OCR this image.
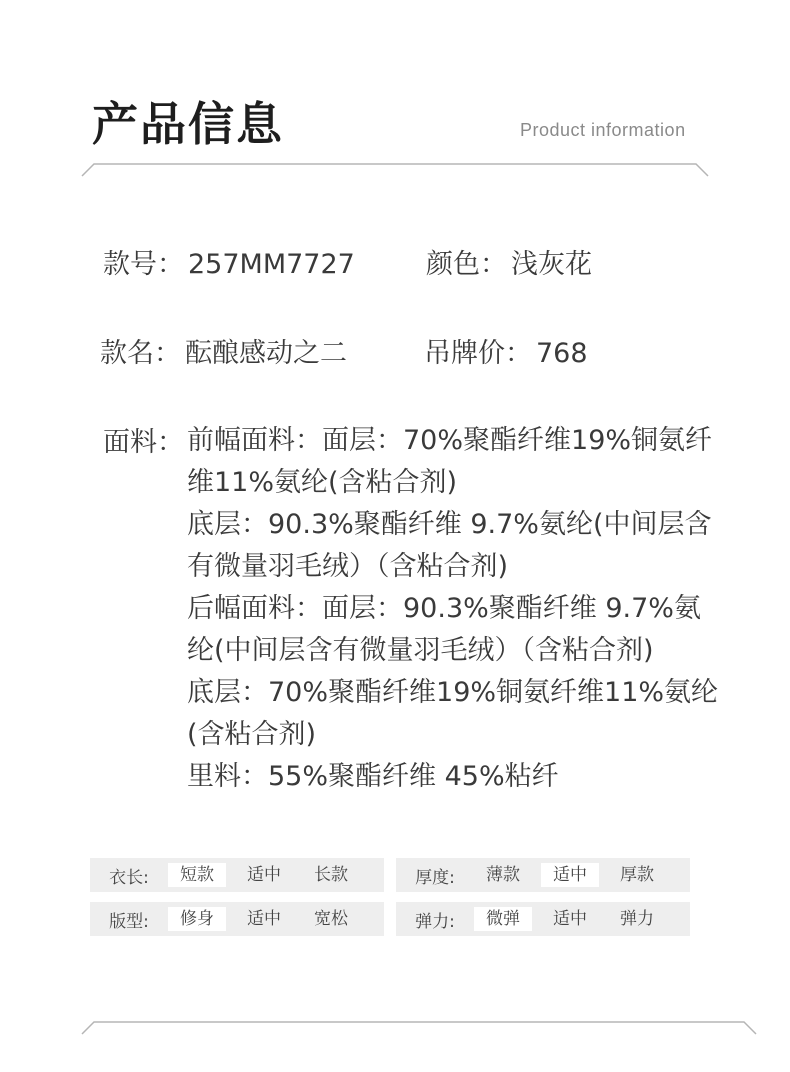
产品信息	Product information
款号： 257MM7727	颜色： 浅灰花
款名： 酝酿感动之二	吊牌价： 768
面料： 前幅面料：面层：70%聚酯纤维19%铜氨纤

维11%氨纶(含粘合剂)

底层：90.3%聚酯纤维 9.7%氨纶(中间层含

有微量羽毛绒）（含粘合剂)

后幅面料：面层：90.3%聚酯纤维 9.7%氨

纶(中间层含有微量羽毛绒）（含粘合剂)

底层：70%聚酯纤维19%铜氨纤维11%氨纶

(含粘合剂)

里料：55%聚酯纤维 45%粘纤

衣长:	短款	适中	长款	厚度:	薄款	适中	厚款
版型:	修身	适中	宽松	弹力:	微弹	适中	弹力
